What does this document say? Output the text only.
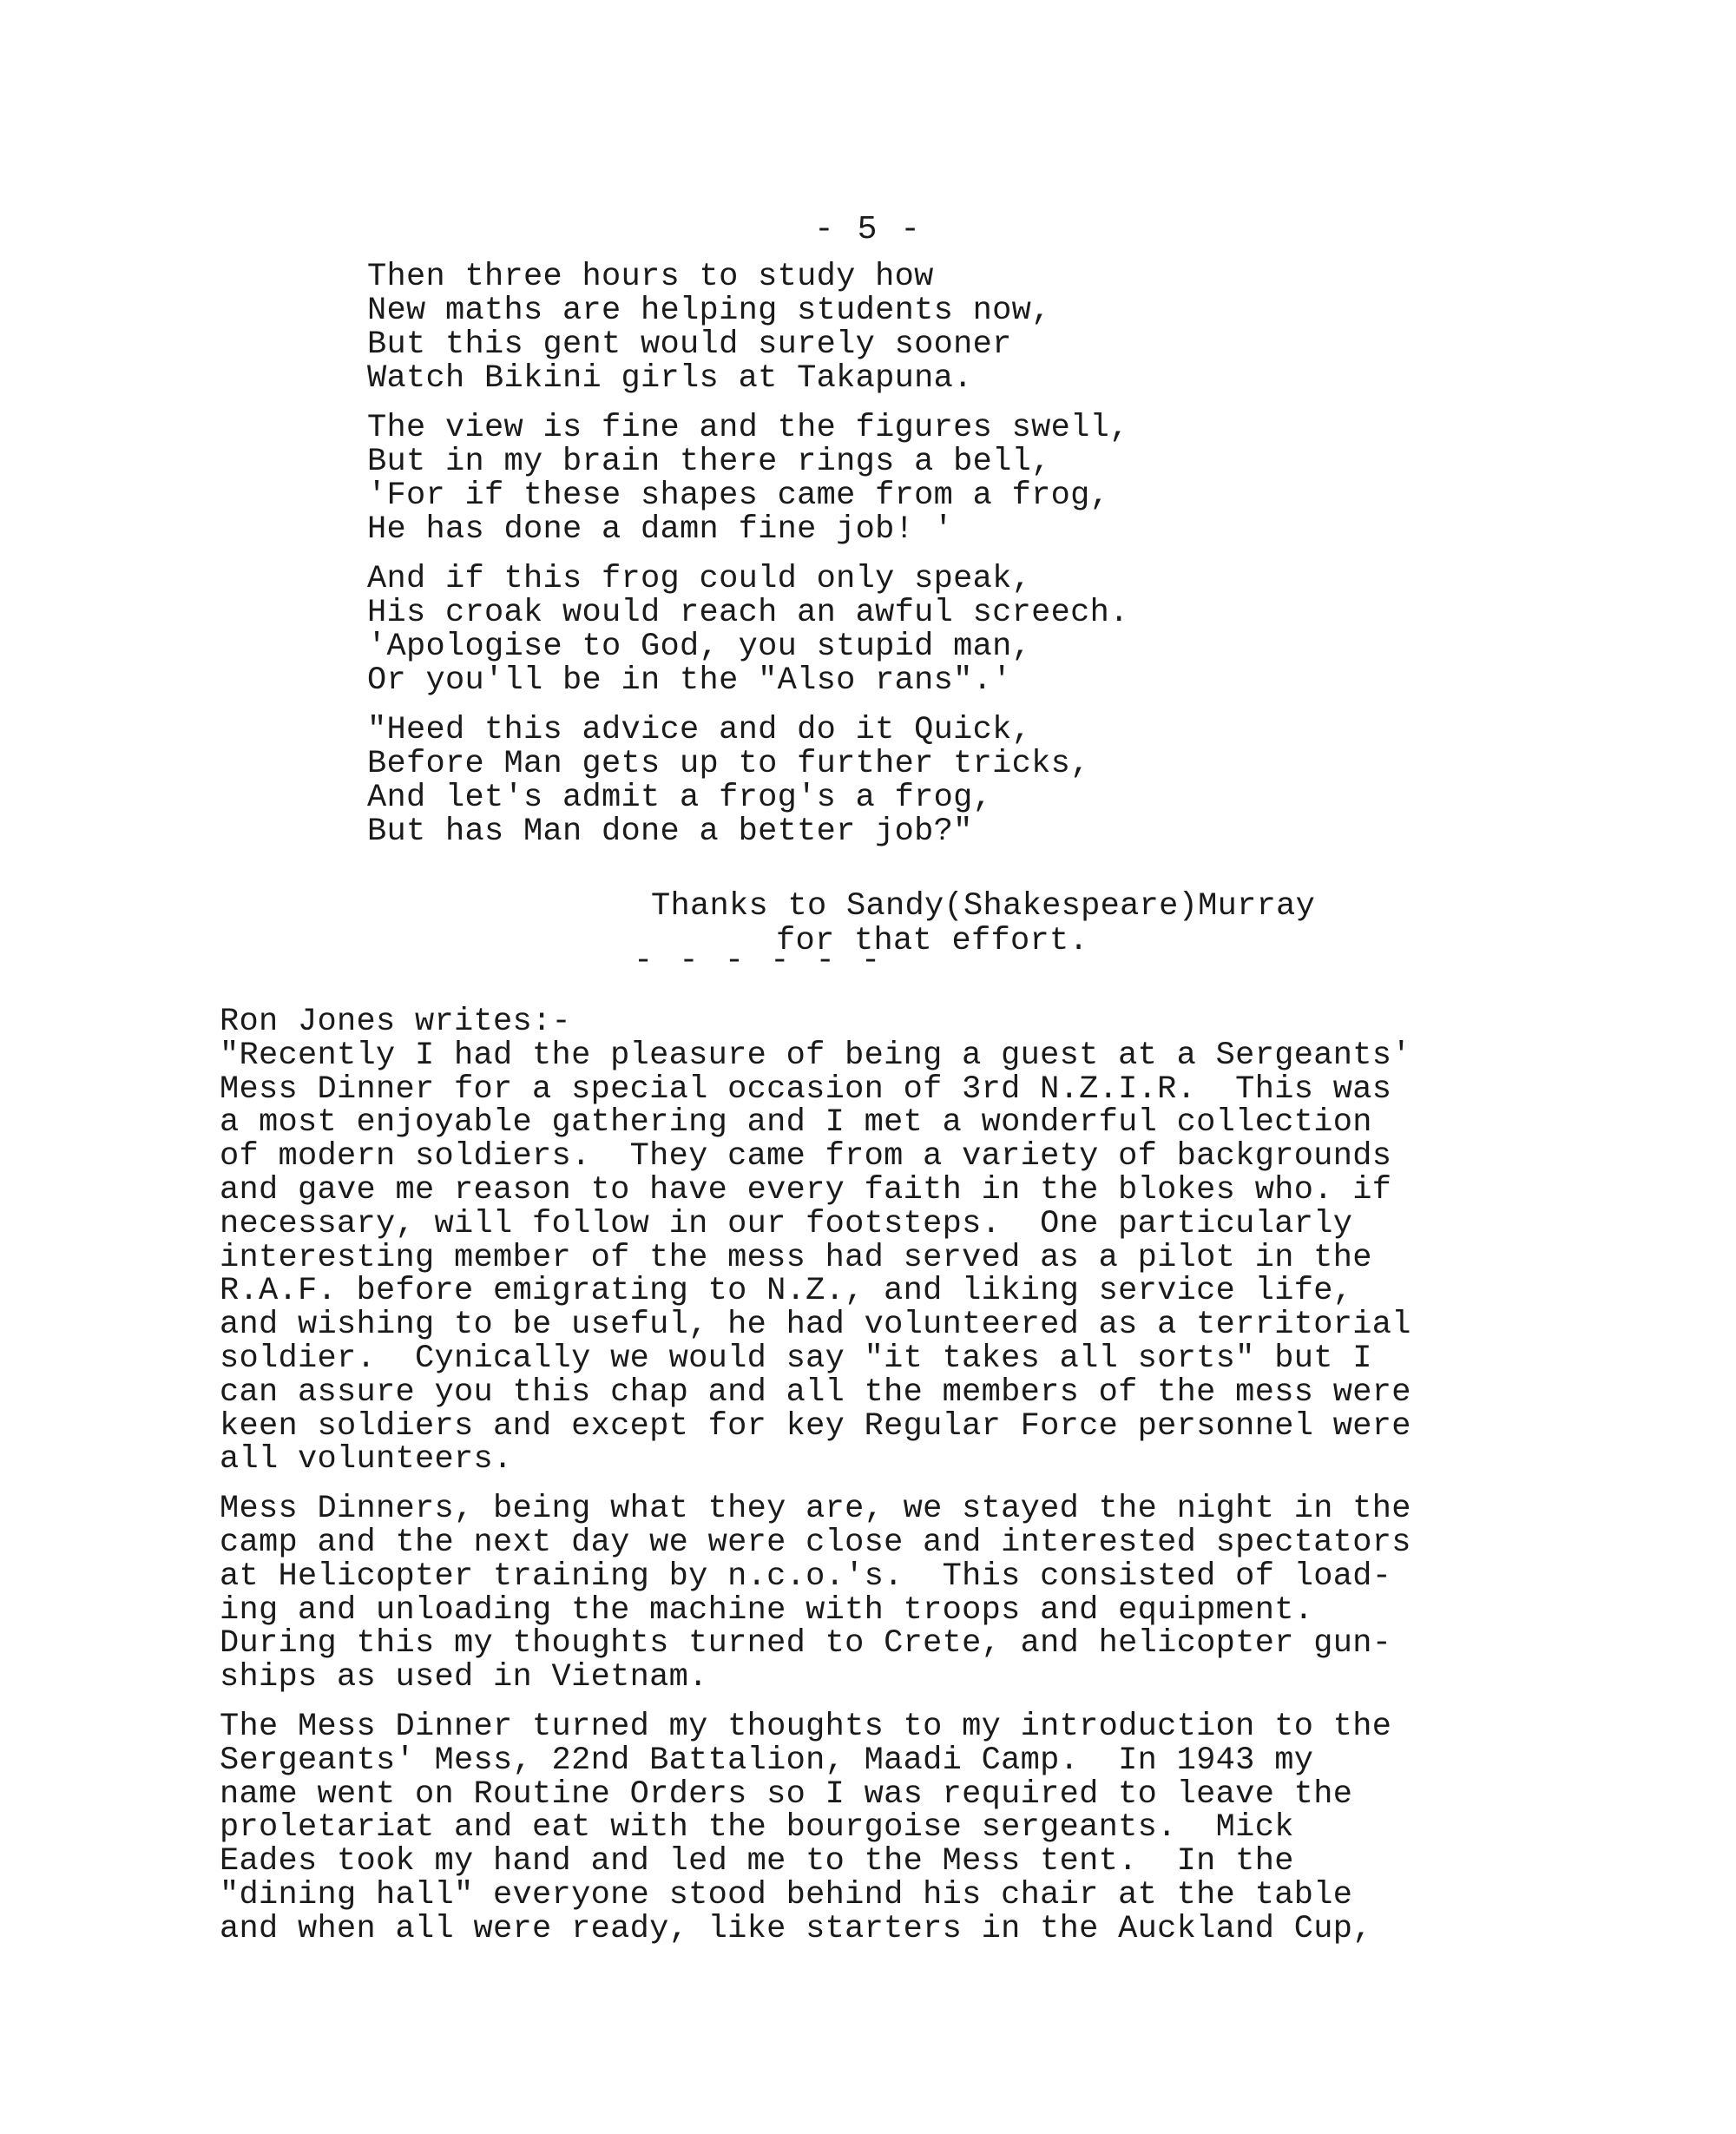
- 5 -
Then three hours to study how
New maths are helping students now,
But this gent would surely sooner
Watch Bikini girls at Takapuna.
The view is fine and the figures swell,
But in my brain there rings a bell,
'For if these shapes came from a frog,
He has done a damn fine job! '
And if this frog could only speak,
His croak would reach an awful screech.
'Apologise to God, you stupid man,
Or you'll be in the "Also rans".'
"Heed this advice and do it Quick,
Before Man gets up to further tricks,
And let's admit a frog's a frog,
But has Man done a better job?"
Thanks to Sandy(Shakespeare)Murray
for that effort.
- - - - - -
Ron Jones writes:-
"Recently I had the pleasure of being a guest at a Sergeants'
Mess Dinner for a special occasion of 3rd N.Z.I.R.  This was
a most enjoyable gathering and I met a wonderful collection
of modern soldiers.  They came from a variety of backgrounds
and gave me reason to have every faith in the blokes who. if
necessary, will follow in our footsteps.  One particularly
interesting member of the mess had served as a pilot in the
R.A.F. before emigrating to N.Z., and liking service life,
and wishing to be useful, he had volunteered as a territorial
soldier.  Cynically we would say "it takes all sorts" but I
can assure you this chap and all the members of the mess were
keen soldiers and except for key Regular Force personnel were
all volunteers.
Mess Dinners, being what they are, we stayed the night in the
camp and the next day we were close and interested spectators
at Helicopter training by n.c.o.'s.  This consisted of load-
ing and unloading the machine with troops and equipment.
During this my thoughts turned to Crete, and helicopter gun-
ships as used in Vietnam.
The Mess Dinner turned my thoughts to my introduction to the
Sergeants' Mess, 22nd Battalion, Maadi Camp.  In 1943 my
name went on Routine Orders so I was required to leave the
proletariat and eat with the bourgoise sergeants.  Mick
Eades took my hand and led me to the Mess tent.  In the
"dining hall" everyone stood behind his chair at the table
and when all were ready, like starters in the Auckland Cup,
